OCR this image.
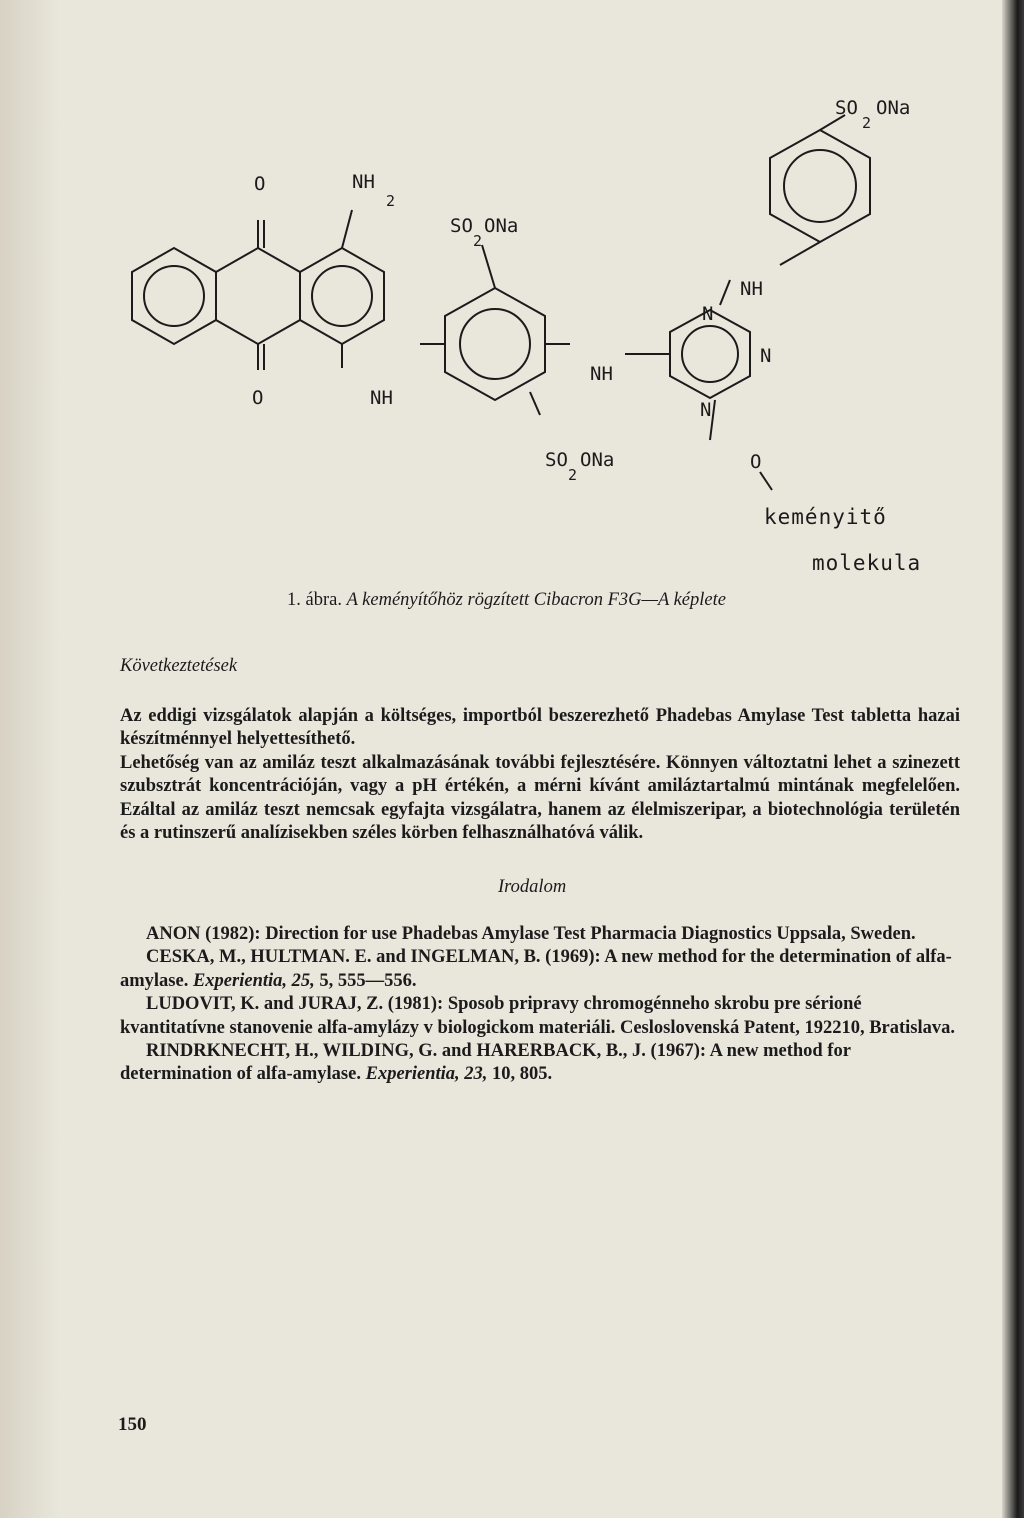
O	NH
2
SO
2
ONa
O	NH
NH
NH
N
N
N
SO
2
ONa
SO
2
ONa	O
keményitő
molekula
1. ábra. A keményítőhöz rögzített Cibacron F3G—A képlete
Következtetések

Az eddigi vizsgálatok alapján a költséges, importból beszerezhető Phadebas Amylase Test tabletta hazai készítménnyel helyettesíthető.

Lehetőség van az amiláz teszt alkalmazásának további fejlesztésére. Könnyen változtatni lehet a szinezett szubsztrát koncentrációján, vagy a pH értékén, a mérni kívánt amiláztartalmú mintának megfelelően. Ezáltal az amiláz teszt nemcsak egyfajta vizsgálatra, hanem az élelmiszeripar, a biotechnológia területén és a rutinszerű analízisekben széles körben felhasználhatóvá válik.

Irodalom

ANON (1982): Direction for use Phadebas Amylase Test Pharmacia Diagnostics Uppsala, Sweden.

CESKA, M., HULTMAN. E. and INGELMAN, B. (1969): A new method for the determination of alfa-amylase. Experientia, 25, 5, 555—556.

LUDOVIT, K. and JURAJ, Z. (1981): Sposob pripravy chromogénneho skrobu pre sérioné kvantitatívne stanovenie alfa-amylázy v biologickom materiáli. Cesloslovenská Patent, 192210, Bratislava.

RINDRKNECHT, H., WILDING, G. and HARERBACK, B., J. (1967): A new method for determination of alfa-amylase. Experientia, 23, 10, 805.

150
